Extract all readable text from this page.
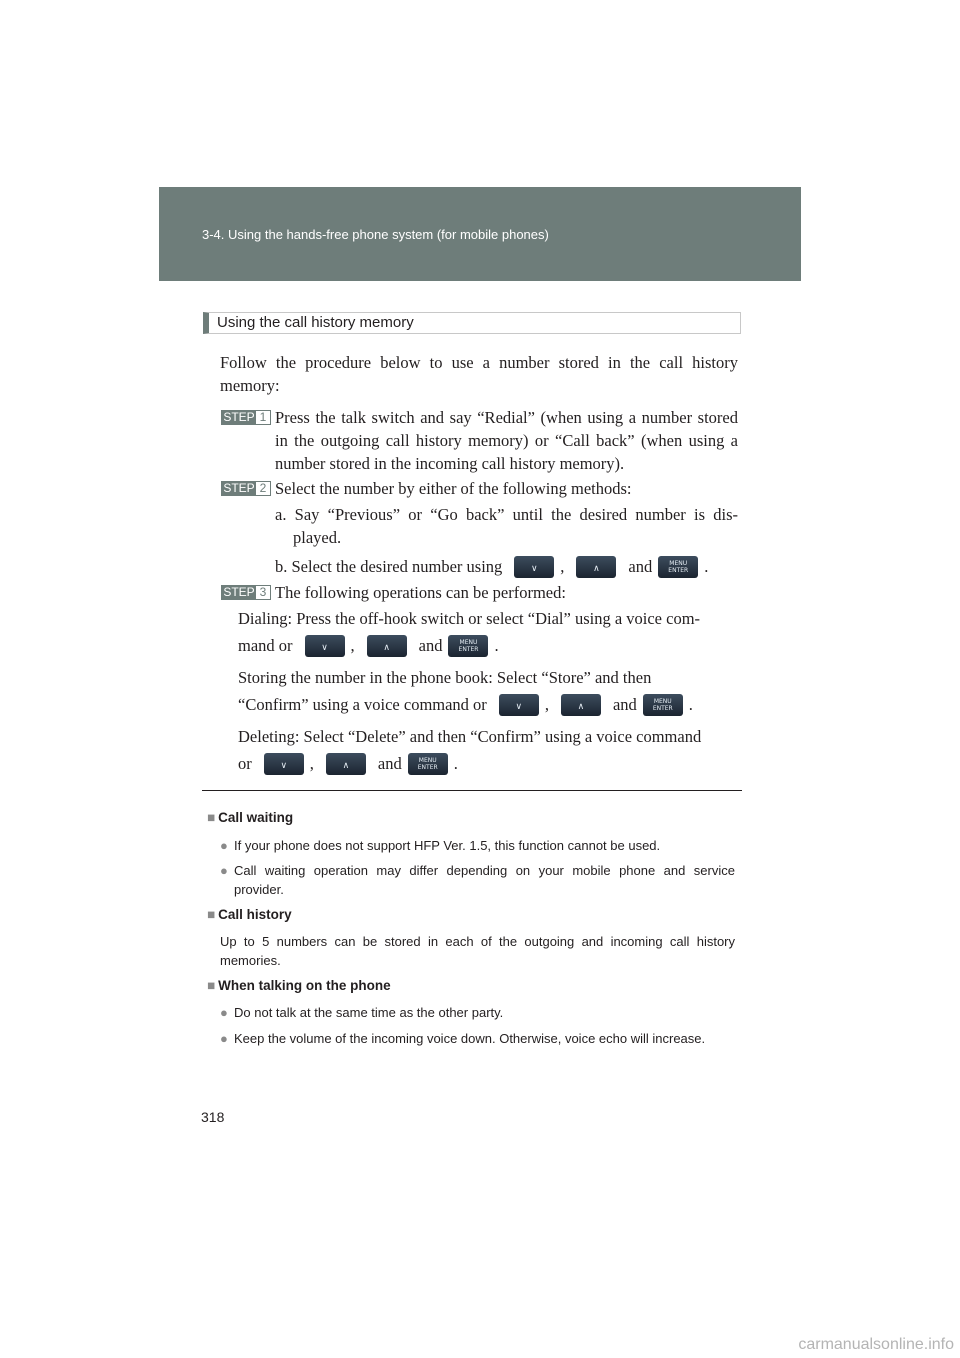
3-4. Using the hands-free phone system (for mobile phones)
Using the call history memory

Follow the procedure below to use a number stored in the call history memory:

STEP 1 Press the talk switch and say “Redial” (when using a number stored in the outgoing call history memory) or “Call back” (when using a number stored in the incoming call history memory).

STEP 2 Select the number by either of the following methods:

a. Say “Previous” or “Go back” until the desired number is dis-played.

b. Select the desired number using ∨	, ∧	and MENU ENTER	.
STEP 3 The following operations can be performed:

Dialing: Press the off-hook switch or select “Dial” using a voice com-
mand or ∨	, ∧	and MENU ENTER	.
Storing the number in the phone book: Select “Store” and then
“Confirm” using a voice command or ∨	, ∧	and MENU ENTER	.
Deleting: Select “Delete” and then “Confirm” using a voice command
or ∨	, ∧	and MENU ENTER	.
■ Call waiting
● If your phone does not support HFP Ver. 1.5, this function cannot be used.
● Call waiting operation may differ depending on your mobile phone and service provider.
■ Call history
Up to 5 numbers can be stored in each of the outgoing and incoming call history memories.
■ When talking on the phone
● Do not talk at the same time as the other party.
● Keep the volume of the incoming voice down. Otherwise, voice echo will increase.
318
carmanualsonline.info
